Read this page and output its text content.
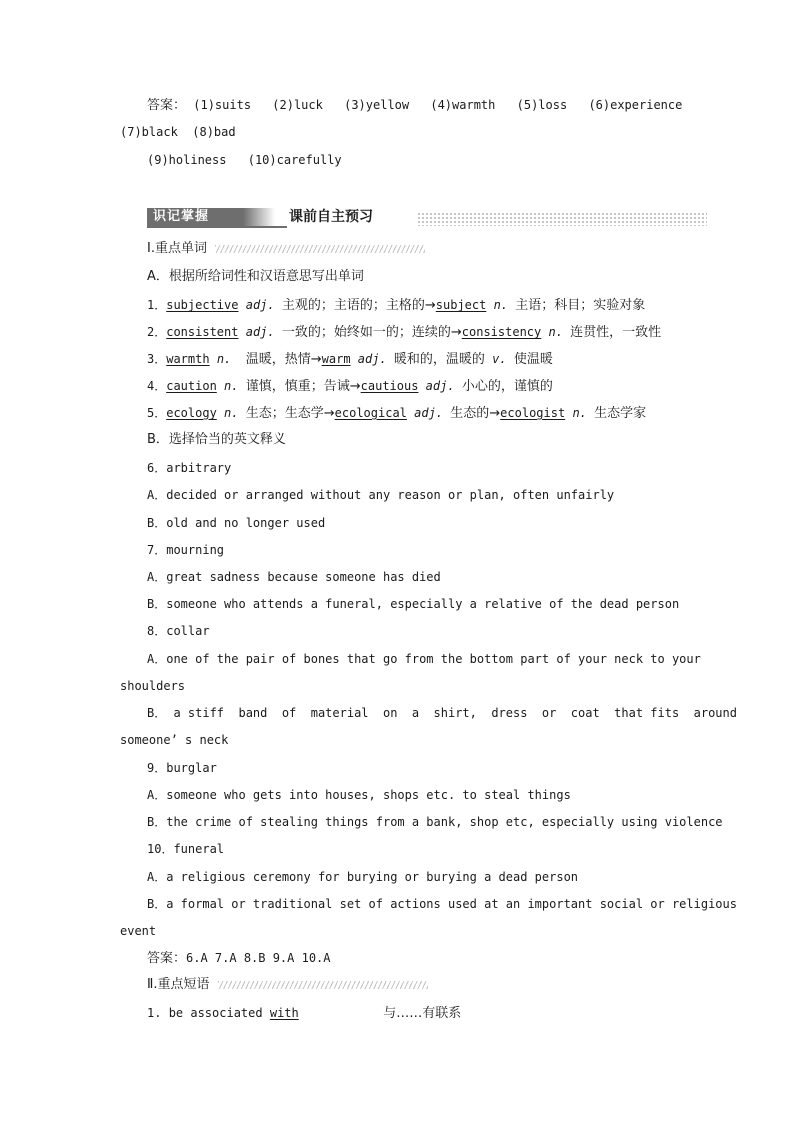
答案： (1)suits (2)luck (3)yellow (4)warmth (5)loss (6)experience
(7)black (8)bad
(9)holiness (10)carefully
识记掌握	课前自主预习
Ⅰ.重点单词
A．根据所给词性和汉语意思写出单词
1．subjective adj. 主观的；主语的；主格的→subject n. 主语；科目；实验对象
2．consistent adj. 一致的；始终如一的；连续的→consistency n. 连贯性，一致性
3．warmth n. 温暖，热情→warm adj. 暖和的，温暖的 v. 使温暖
4．caution n. 谨慎，慎重；告诫→cautious adj. 小心的，谨慎的
5．ecology n. 生态；生态学→ecological adj. 生态的→ecologist n. 生态学家
B．选择恰当的英文释义
6．arbitrary
A．decided or arranged without any reason or plan, often unfairly
B．old and no longer used
7．mourning
A．great sadness because someone has died
B．someone who attends a funeral, especially a relative of the dead person
8．collar
A．one of the pair of bones that go from the bottom part of your neck to your
shoulders
B． a stiff  band  of  material  on  a  shirt,  dress  or  coat  that fits  around
someone’ s neck
9．burglar
A．someone who gets into houses, shops etc. to steal things
B．the crime of stealing things from a bank, shop etc, especially using violence
10．funeral
A．a religious ceremony for burying or burying a dead person
B．a formal or traditional set of actions used at an important social or religious
event
答案：6.A 7.A 8.B 9.A 10.A
Ⅱ.重点短语
1. be associated with	与……有联系
